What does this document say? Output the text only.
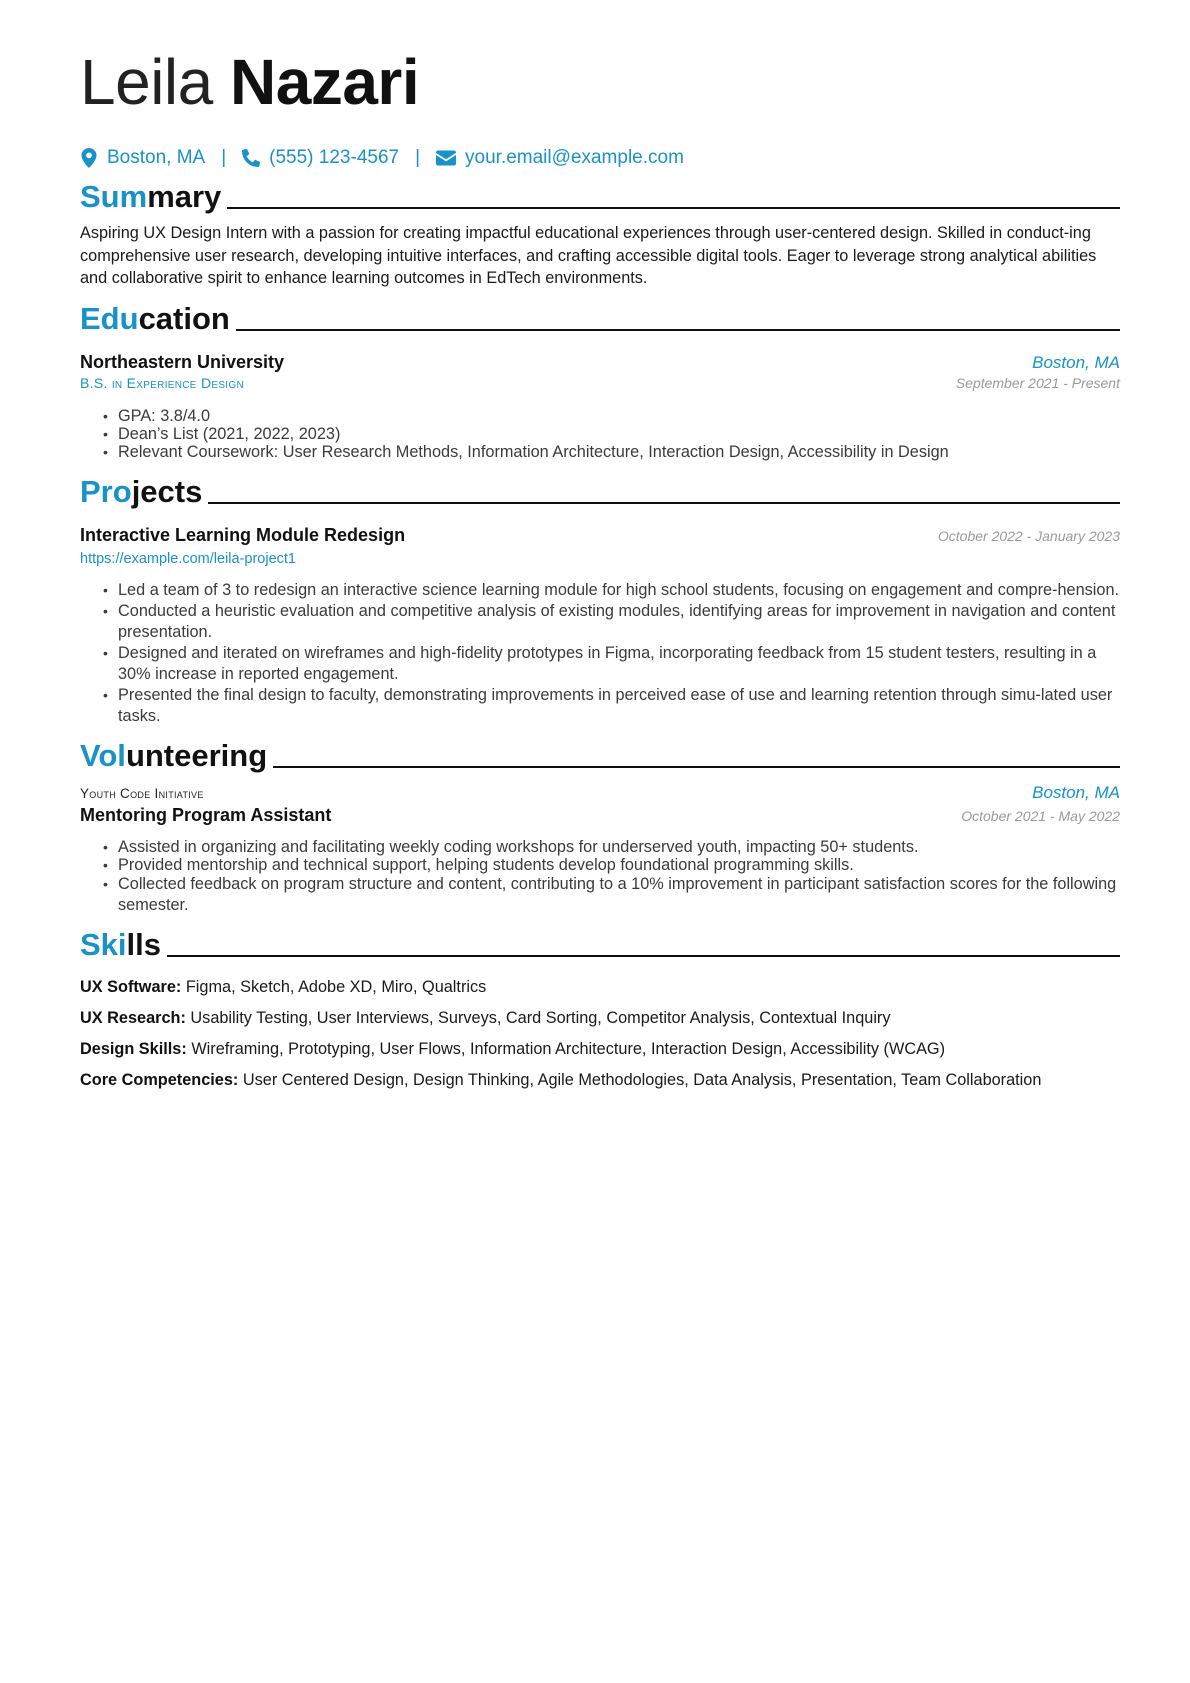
Leila Nazari
Boston, MA | (555) 123-4567 | your.email@example.com
Summary
Aspiring UX Design Intern with a passion for creating impactful educational experiences through user-centered design. Skilled in conduct-ing comprehensive user research, developing intuitive interfaces, and crafting accessible digital tools. Eager to leverage strong analytical abilities and collaborative spirit to enhance learning outcomes in EdTech environments.
Education
Northeastern University	Boston, MA
B.S. in Experience Design	September 2021 - Present
• GPA: 3.8/4.0
• Dean’s List (2021, 2022, 2023)
• Relevant Coursework: User Research Methods, Information Architecture, Interaction Design, Accessibility in Design
Projects
Interactive Learning Module Redesign	October 2022 - January 2023
https://example.com/leila-project1
• Led a team of 3 to redesign an interactive science learning module for high school students, focusing on engagement and compre-hension.
• Conducted a heuristic evaluation and competitive analysis of existing modules, identifying areas for improvement in navigation and content presentation.
• Designed and iterated on wireframes and high-fidelity prototypes in Figma, incorporating feedback from 15 student testers, resulting in a 30% increase in reported engagement.
• Presented the final design to faculty, demonstrating improvements in perceived ease of use and learning retention through simu-lated user tasks.
Volunteering
Youth Code Initiative	Boston, MA
Mentoring Program Assistant	October 2021 - May 2022
• Assisted in organizing and facilitating weekly coding workshops for underserved youth, impacting 50+ students.
• Provided mentorship and technical support, helping students develop foundational programming skills.
• Collected feedback on program structure and content, contributing to a 10% improvement in participant satisfaction scores for the following semester.
Skills
UX Software: Figma, Sketch, Adobe XD, Miro, Qualtrics
UX Research: Usability Testing, User Interviews, Surveys, Card Sorting, Competitor Analysis, Contextual Inquiry
Design Skills: Wireframing, Prototyping, User Flows, Information Architecture, Interaction Design, Accessibility (WCAG)
Core Competencies: User Centered Design, Design Thinking, Agile Methodologies, Data Analysis, Presentation, Team Collaboration
